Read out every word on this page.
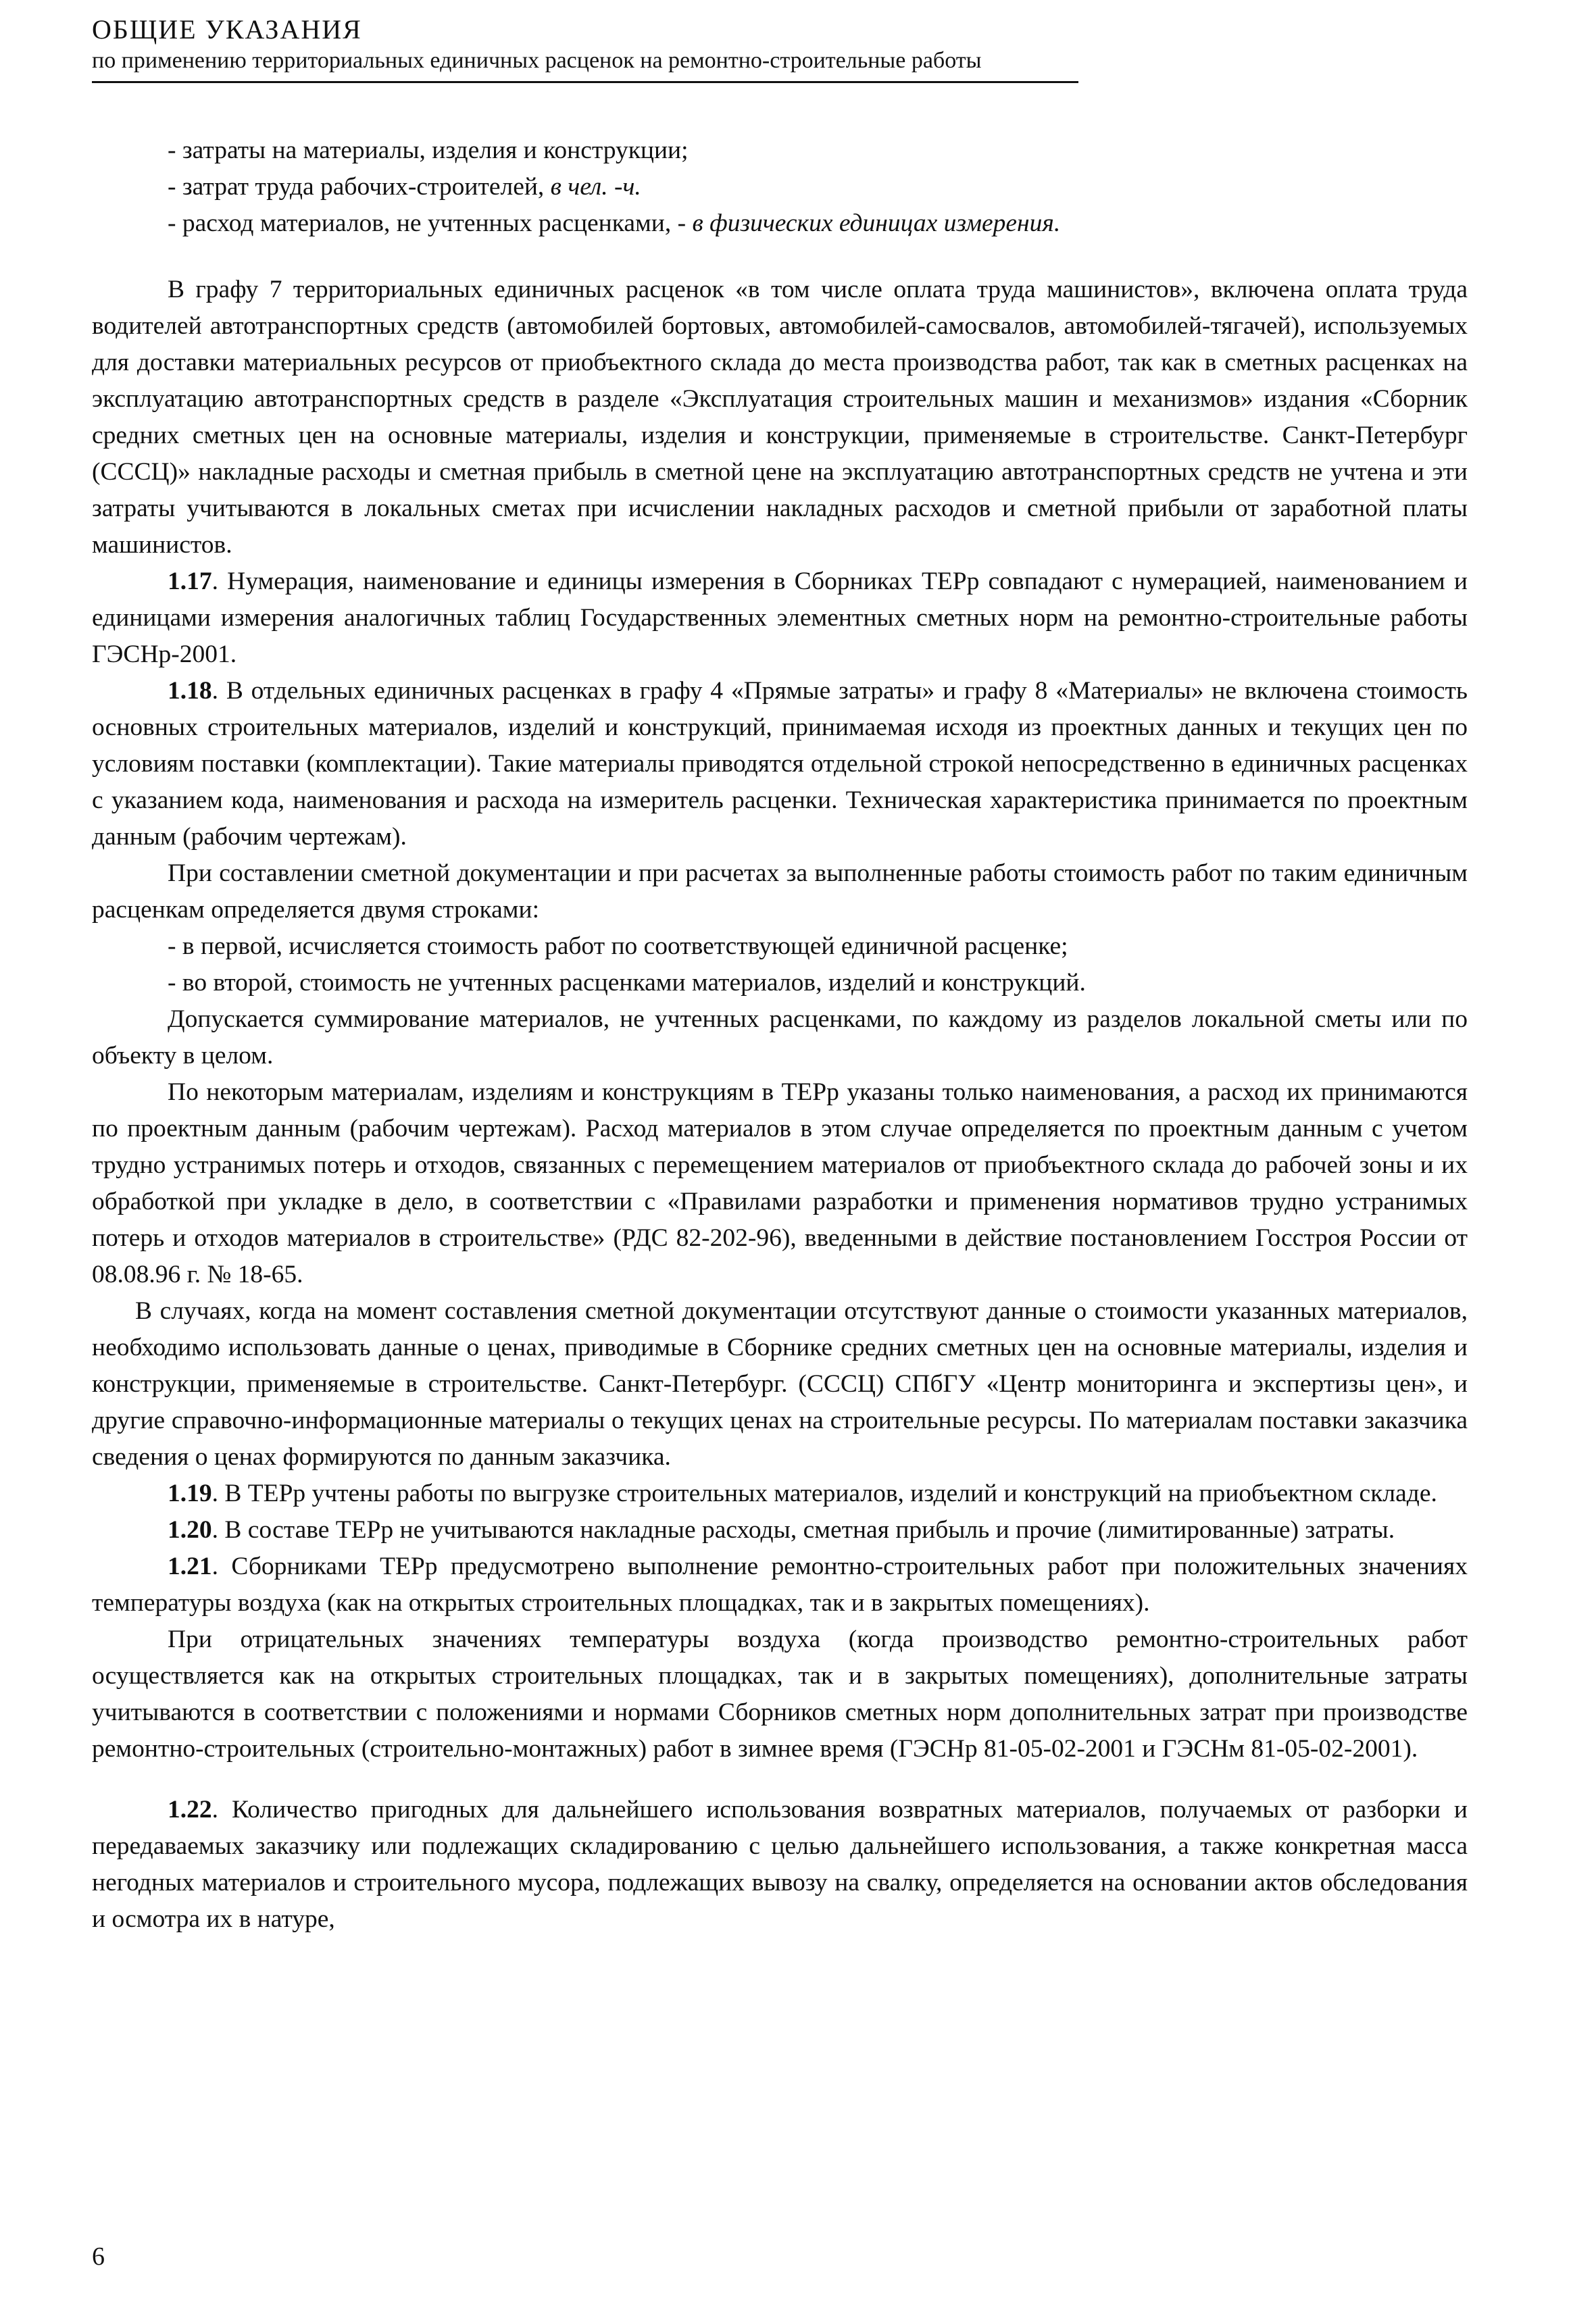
ОБЩИЕ УКАЗАНИЯ

по применению территориальных единичных расценок на ремонтно-строительные работы

- затраты на материалы, изделия и конструкции;

- затрат труда рабочих-строителей, в чел. -ч.

- расход материалов, не учтенных расценками, - в физических единицах измерения.

В графу 7 территориальных единичных расценок «в том числе оплата труда машинистов», включена оплата труда водителей автотранспортных средств (автомобилей бортовых, автомобилей-самосвалов, автомобилей-тягачей), используемых для доставки материальных ресурсов от приобъектного склада до места производства работ, так как в сметных расценках на эксплуатацию автотранспортных средств в разделе «Эксплуатация строительных машин и механизмов» издания «Сборник средних сметных цен на основные материалы, изделия и конструкции, применяемые в строительстве. Санкт-Петербург (СССЦ)» накладные расходы и сметная прибыль в сметной цене на эксплуатацию автотранспортных средств не учтена и эти затраты учитываются в локальных сметах при исчислении накладных расходов и сметной прибыли от заработной платы машинистов.

1.17. Нумерация, наименование и единицы измерения в Сборниках ТЕРр совпадают с нумерацией, наименованием и единицами измерения аналогичных таблиц Государственных элементных сметных норм на ремонтно-строительные работы ГЭСНр-2001.

1.18. В отдельных единичных расценках в графу 4 «Прямые затраты» и графу 8 «Материалы» не включена стоимость основных строительных материалов, изделий и конструкций, принимаемая исходя из проектных данных и текущих цен по условиям поставки (комплектации). Такие материалы приводятся отдельной строкой непосредственно в единичных расценках с указанием кода, наименования и расхода на измеритель расценки. Техническая характеристика принимается по проектным данным (рабочим чертежам).

При составлении сметной документации и при расчетах за выполненные работы стоимость работ по таким единичным расценкам определяется двумя строками:

- в первой, исчисляется стоимость работ по соответствующей единичной расценке;

- во второй, стоимость не учтенных расценками материалов, изделий и конструкций.

Допускается суммирование материалов, не учтенных расценками, по каждому из разделов локальной сметы или по объекту в целом.

По некоторым материалам, изделиям и конструкциям в ТЕРр указаны только наименования, а расход их принимаются по проектным данным (рабочим чертежам). Расход материалов в этом случае определяется по проектным данным с учетом трудно устранимых потерь и отходов, связанных с перемещением материалов от приобъектного склада до рабочей зоны и их обработкой при укладке в дело, в соответствии с «Правилами разработки и применения нормативов трудно устранимых потерь и отходов материалов в строительстве» (РДС 82-202-96), введенными в действие постановлением Госстроя России от 08.08.96 г. № 18-65.

В случаях, когда на момент составления сметной документации отсутствуют данные о стоимости указанных материалов, необходимо использовать данные о ценах, приводимые в Сборнике средних сметных цен на основные материалы, изделия и конструкции, применяемые в строительстве. Санкт-Петербург. (СССЦ) СПбГУ «Центр мониторинга и экспертизы цен», и другие справочно-информационные материалы о текущих ценах на строительные ресурсы. По материалам поставки заказчика сведения о ценах формируются по данным заказчика.

1.19. В ТЕРр учтены работы по выгрузке строительных материалов, изделий и конструкций на приобъектном складе.

1.20. В составе ТЕРр не учитываются накладные расходы, сметная прибыль и прочие (лимитированные) затраты.

1.21. Сборниками ТЕРр предусмотрено выполнение ремонтно-строительных работ при положительных значениях температуры воздуха (как на открытых строительных площадках, так и в закрытых помещениях).

При отрицательных значениях температуры воздуха (когда производство ремонтно-строительных работ осуществляется как на открытых строительных площадках, так и в закрытых помещениях), дополнительные затраты учитываются в соответствии с положениями и нормами Сборников сметных норм дополнительных затрат при производстве ремонтно-строительных (строительно-монтажных) работ в зимнее время (ГЭСНр 81-05-02-2001 и ГЭСНм 81-05-02-2001).

1.22. Количество пригодных для дальнейшего использования возвратных материалов, получаемых от разборки и передаваемых заказчику или подлежащих складированию с целью дальнейшего использования, а также конкретная масса негодных материалов и строительного мусора, подлежащих вывозу на свалку, определяется на основании актов обследования и осмотра их в натуре,

6
